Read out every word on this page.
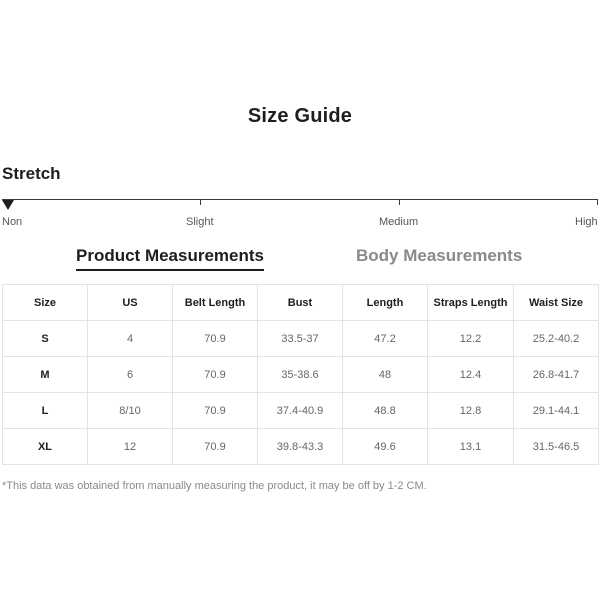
Size Guide
Stretch
Non	Slight	Medium	High
Product Measurements	Body Measurements
Size	US	Belt Length	Bust	Length	Straps Length	Waist Size
S	4	70.9	33.5-37	47.2	12.2	25.2-40.2
M	6	70.9	35-38.6	48	12.4	26.8-41.7
L	8/10	70.9	37.4-40.9	48.8	12.8	29.1-44.1
XL	12	70.9	39.8-43.3	49.6	13.1	31.5-46.5
*This data was obtained from manually measuring the product, it may be off by 1-2 CM.
